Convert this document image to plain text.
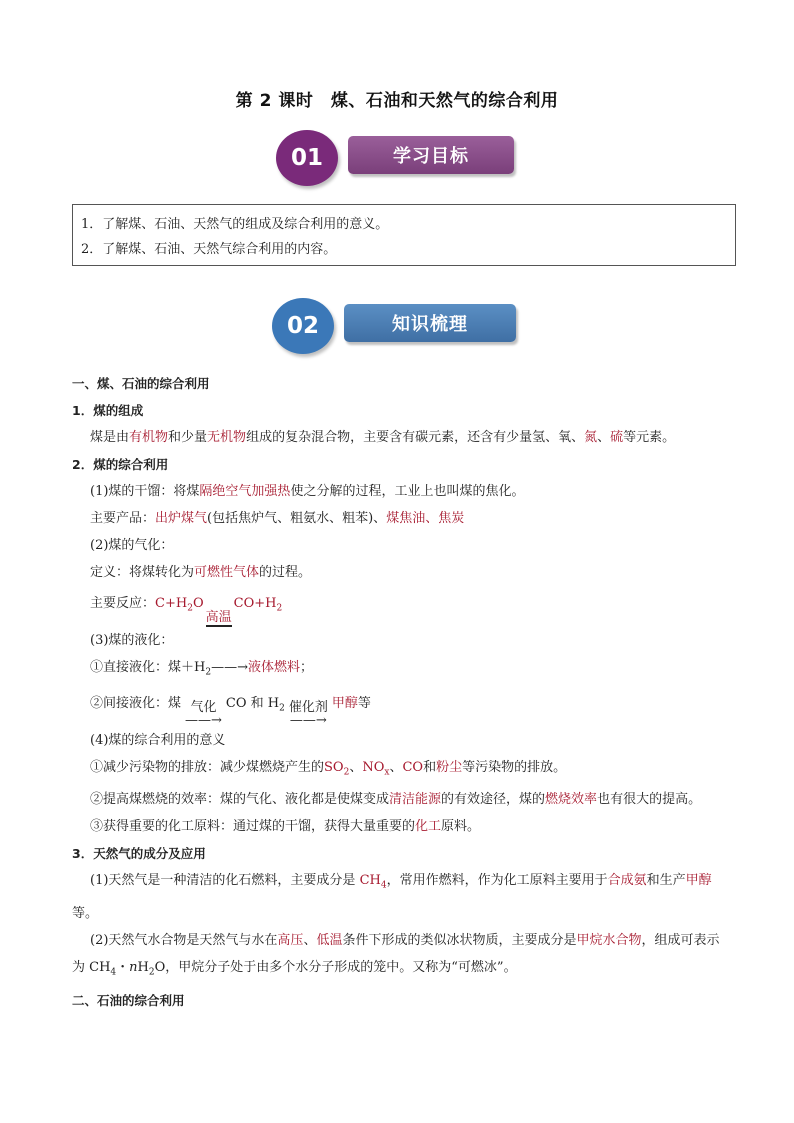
第 2 课时　煤、石油和天然气的综合利用
01	学习目标
1．了解煤、石油、天然气的组成及综合利用的意义。
2．了解煤、石油、天然气综合利用的内容。
02	知识梳理

一、煤、石油的综合利用

1．煤的组成

煤是由有机物和少量无机物组成的复杂混合物，主要含有碳元素，还含有少量氢、氧、氮、硫等元素。

2．煤的综合利用

(1)煤的干馏：将煤隔绝空气加强热使之分解的过程，工业上也叫煤的焦化。

主要产品：出炉煤气(包括焦炉气、粗氨水、粗苯)、煤焦油、焦炭

(2)煤的气化：

定义：将煤转化为可燃性气体的过程。

主要反应：$C+H_2O$
高温
$CO+H_2$

(3)煤的液化：

①直接液化：煤$+H_2——\to$液体燃料；

②间接液化：煤 气化
——→
CO 和 $H_2$ 催化剂
——→
甲醇等

(4)煤的综合利用的意义

①减少污染物的排放：减少煤燃烧产生的$SO_2$、$NO_x$、CO和粉尘等污染物的排放。

②提高煤燃烧的效率：煤的气化、液化都是使煤变成清洁能源的有效途径，煤的燃烧效率也有很大的提高。

③获得重要的化工原料：通过煤的干馏，获得大量重要的化工原料。

3．天然气的成分及应用

(1)天然气是一种清洁的化石燃料，主要成分是 $CH_4$，常用作燃料，作为化工原料主要用于合成氨和生产甲醇等。

(2)天然气水合物是天然气与水在高压、低温条件下形成的类似冰状物质，主要成分是甲烷水合物，组成可表示为 $CH_4$・$nH_2O$，甲烷分子处于由多个水分子形成的笼中。又称为“可燃冰”。

二、石油的综合利用
